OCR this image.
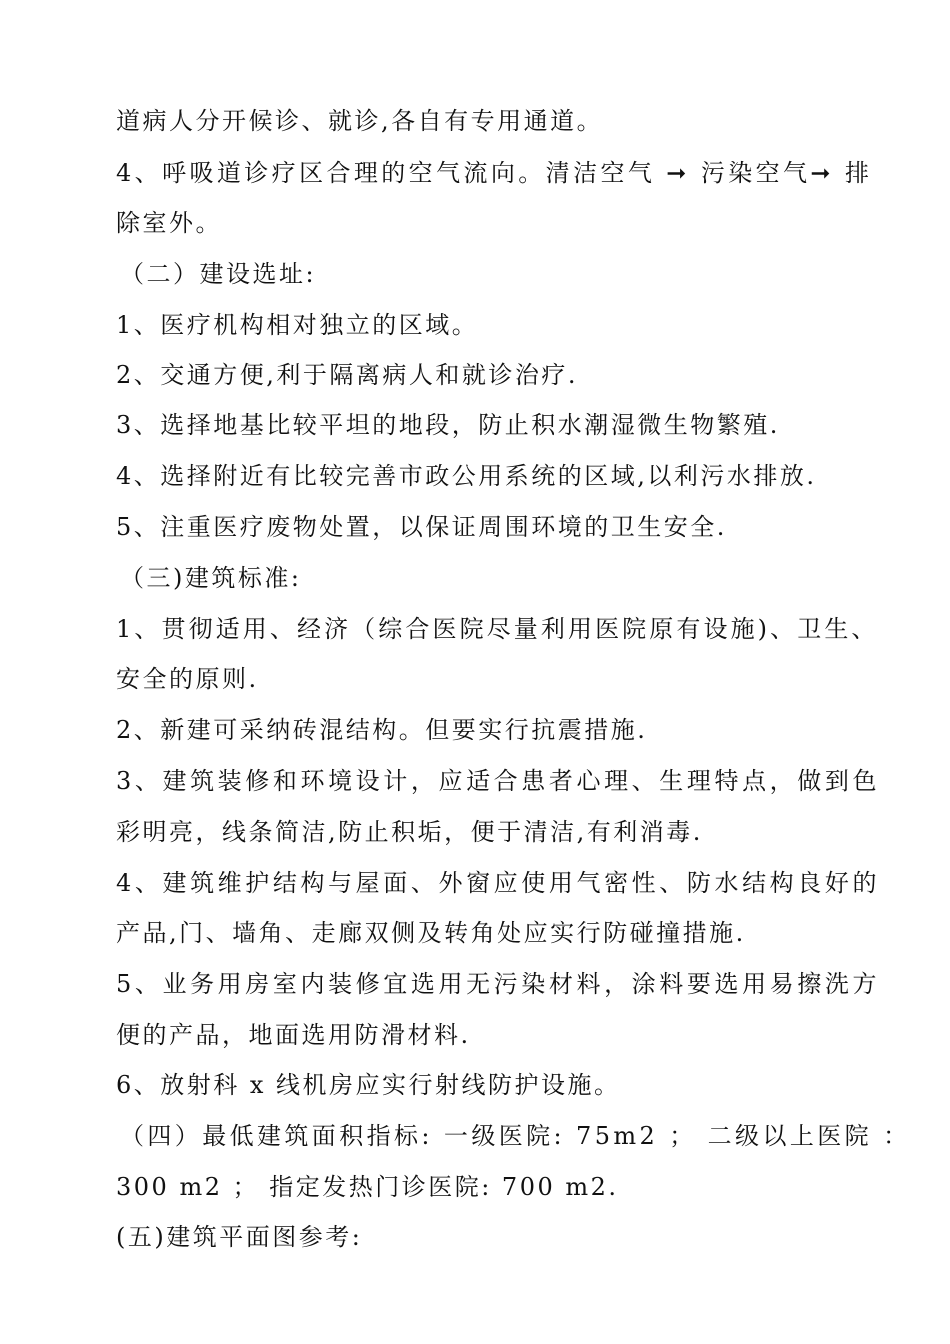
道病人分开候诊、就诊,各自有专用通道。
4、呼吸道诊疗区合理的空气流向。清洁空气 ➞ 污染空气➞ 排
除室外。
（二）建设选址:
1、医疗机构相对独立的区域。
2、交通方便,利于隔离病人和就诊治疗.
3、选择地基比较平坦的地段，防止积水潮湿微生物繁殖.
4、选择附近有比较完善市政公用系统的区域,以利污水排放.
5、注重医疗废物处置，以保证周围环境的卫生安全.
（三)建筑标准:
1、贯彻适用、经济（综合医院尽量利用医院原有设施)、卫生、
安全的原则.
2、新建可采纳砖混结构。但要实行抗震措施.
3、建筑装修和环境设计，应适合患者心理、生理特点，做到色
彩明亮，线条简洁,防止积垢，便于清洁,有利消毒.
4、建筑维护结构与屋面、外窗应使用气密性、防水结构良好的
产品,门、墙角、走廊双侧及转角处应实行防碰撞措施.
5、业务用房室内装修宜选用无污染材料，涂料要选用易擦洗方
便的产品，地面选用防滑材料.
6、放射科 x 线机房应实行射线防护设施。
（四）最低建筑面积指标: 一级医院: 75m2 ； 二级以上医院 ：
300 m2 ； 指定发热门诊医院: 700 m2.
(五)建筑平面图参考:
